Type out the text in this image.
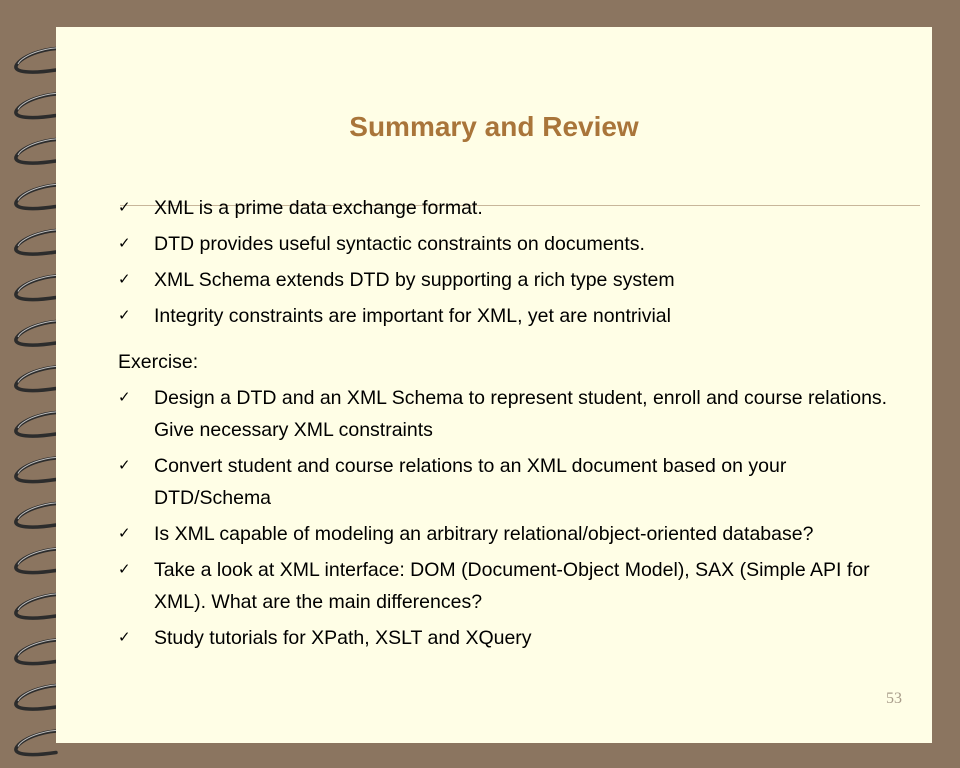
Summary and Review
✓	XML is a prime data exchange format.
✓	DTD provides useful syntactic constraints on documents.
✓	XML Schema extends DTD by supporting a rich type system
✓	Integrity constraints are important for XML, yet are nontrivial
Exercise:
✓	Design a DTD and an XML Schema to represent student, enroll and course relations. Give necessary XML constraints
✓	Convert student and course relations to an XML document based on your DTD/Schema
✓	Is XML capable of modeling an arbitrary relational/object-oriented database?
✓	Take a look at XML interface: DOM (Document-Object Model), SAX (Simple API for XML). What are the main differences?
✓	Study tutorials for XPath, XSLT and XQuery
53
